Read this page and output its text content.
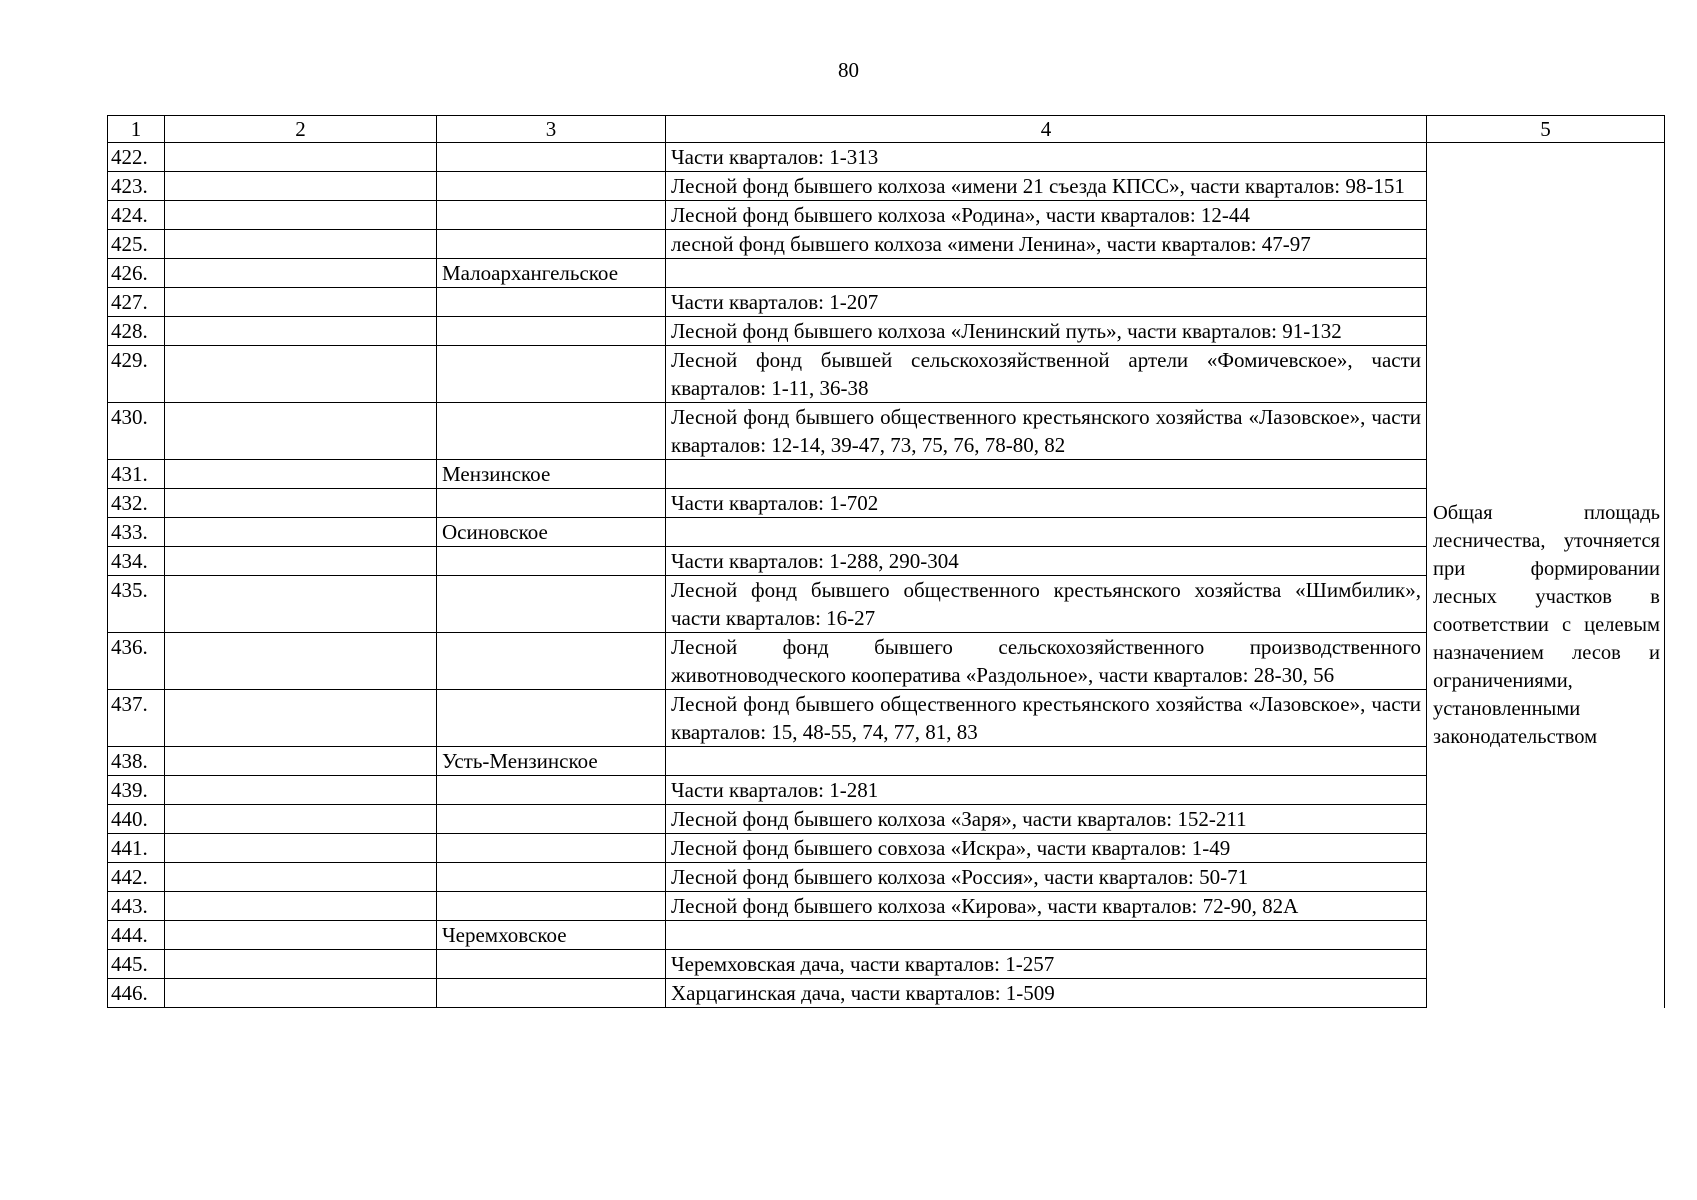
80
1	2	3	4	5
422.			Части кварталов: 1-313	Общая площадь лесничества, уточняется при формировании лесных участков в соответствии с целевым назначением лесов и ограничениями, установленными законодательством

423.			Лесной фонд бывшего колхоза «имени 21 съезда КПСС», части кварталов: 98-151	
424.			Лесной фонд бывшего колхоза «Родина», части кварталов: 12-44	
425.			лесной фонд бывшего колхоза «имени Ленина», части кварталов: 47-97	
426.		Малоархангельское		
427.			Части кварталов: 1-207	
428.			Лесной фонд бывшего колхоза «Ленинский путь», части кварталов: 91-132	
429.			Лесной фонд бывшей сельскохозяйственной артели «Фомичевское», части кварталов: 1-11, 36-38	
430.			Лесной фонд бывшего общественного крестьянского хозяйства «Лазовское», части кварталов: 12-14, 39-47, 73, 75, 76, 78-80, 82	
431.		Мензинское		
432.			Части кварталов: 1-702	
433.		Осиновское		
434.			Части кварталов: 1-288, 290-304	
435.			Лесной фонд бывшего общественного крестьянского хозяйства «Шимбилик», части кварталов: 16-27	
436.			Лесной фонд бывшего сельскохозяйственного производственного животноводческого кооператива «Раздольное», части кварталов: 28-30, 56	
437.			Лесной фонд бывшего общественного крестьянского хозяйства «Лазовское», части кварталов: 15, 48-55, 74, 77, 81, 83	
438.		Усть-Мензинское		
439.			Части кварталов: 1-281	
440.			Лесной фонд бывшего колхоза «Заря», части кварталов: 152-211	
441.			Лесной фонд бывшего совхоза «Искра», части кварталов: 1-49	
442.			Лесной фонд бывшего колхоза «Россия», части кварталов: 50-71	
443.			Лесной фонд бывшего колхоза «Кирова», части кварталов: 72-90, 82А	
444.		Черемховское		
445.			Черемховская дача, части кварталов: 1-257	
446.			Харцагинская дача, части кварталов: 1-509	
